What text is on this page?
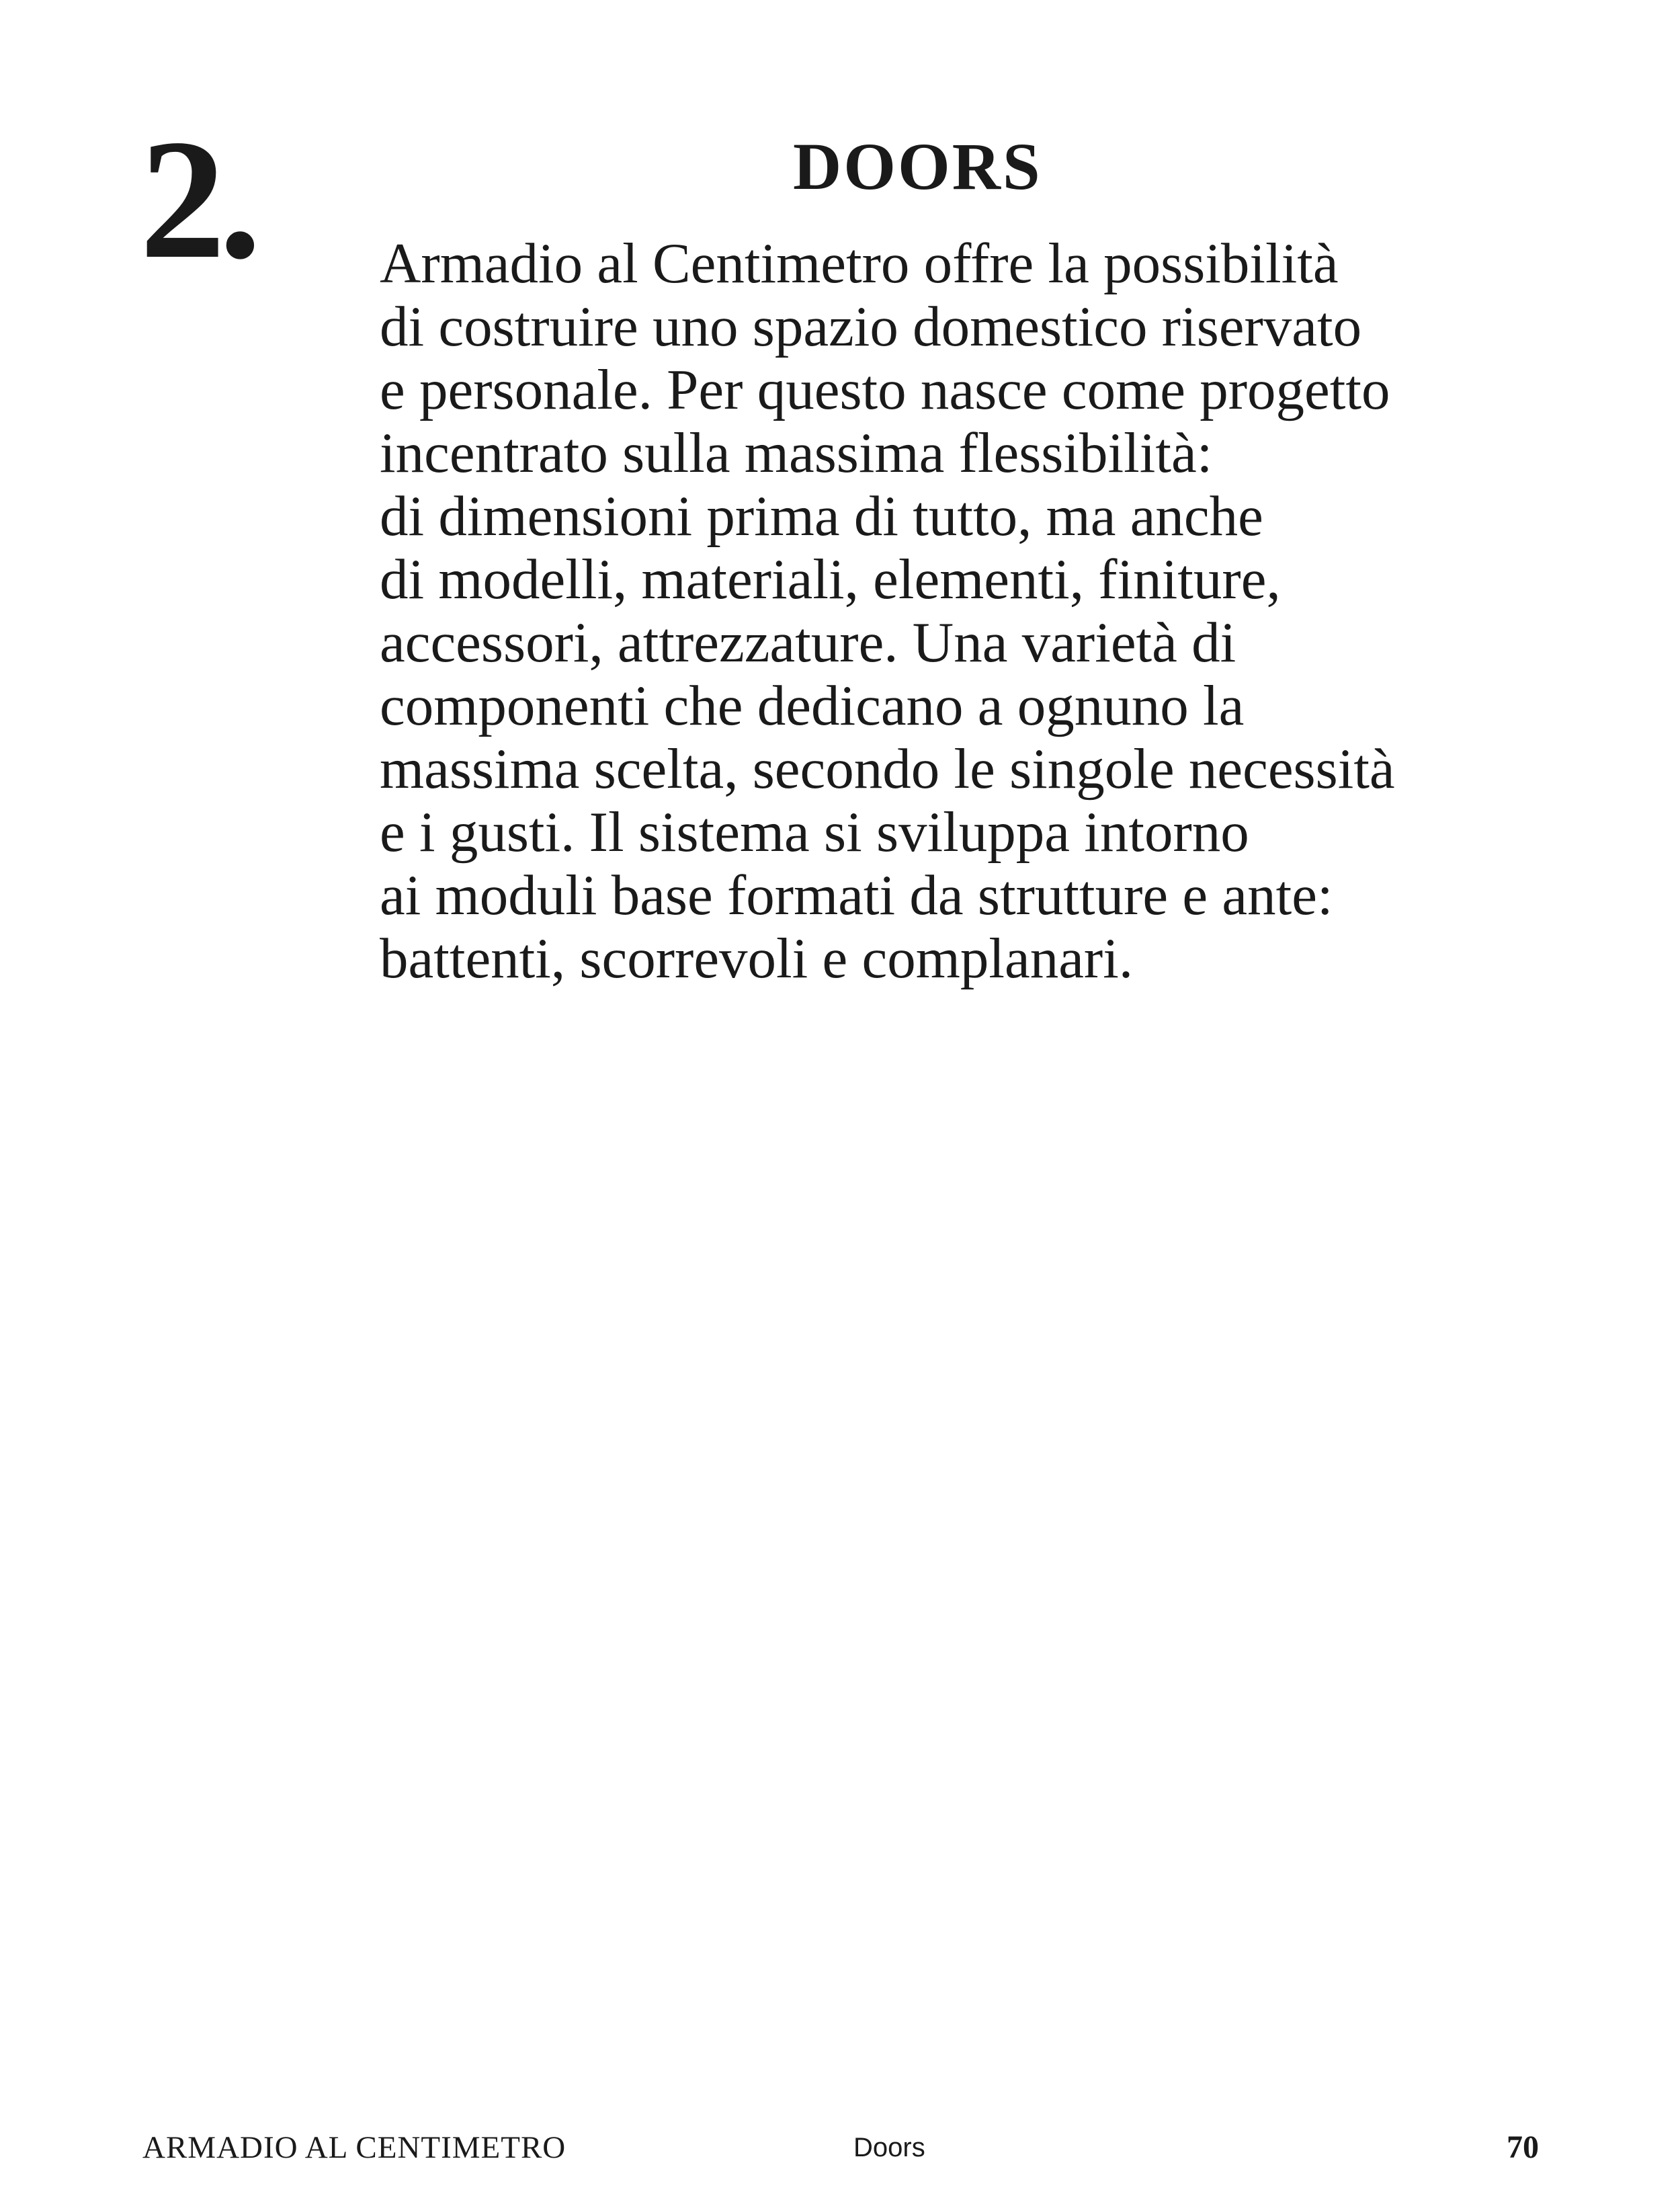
2.	DOORS

Armadio al Centimetro offre la possibilità
di costruire uno spazio domestico riservato
e personale. Per questo nasce come progetto
incentrato sulla massima flessibilità:
di dimensioni prima di tutto, ma anche
di modelli, materiali, elementi, finiture,
accessori, attrezzature. Una varietà di
componenti che dedicano a ognuno la
massima scelta, secondo le singole necessità
e i gusti. Il sistema si sviluppa intorno
ai moduli base formati da strutture e ante:
battenti, scorrevoli e complanari.

ARMADIO AL CENTIMETRO	Doors	70
